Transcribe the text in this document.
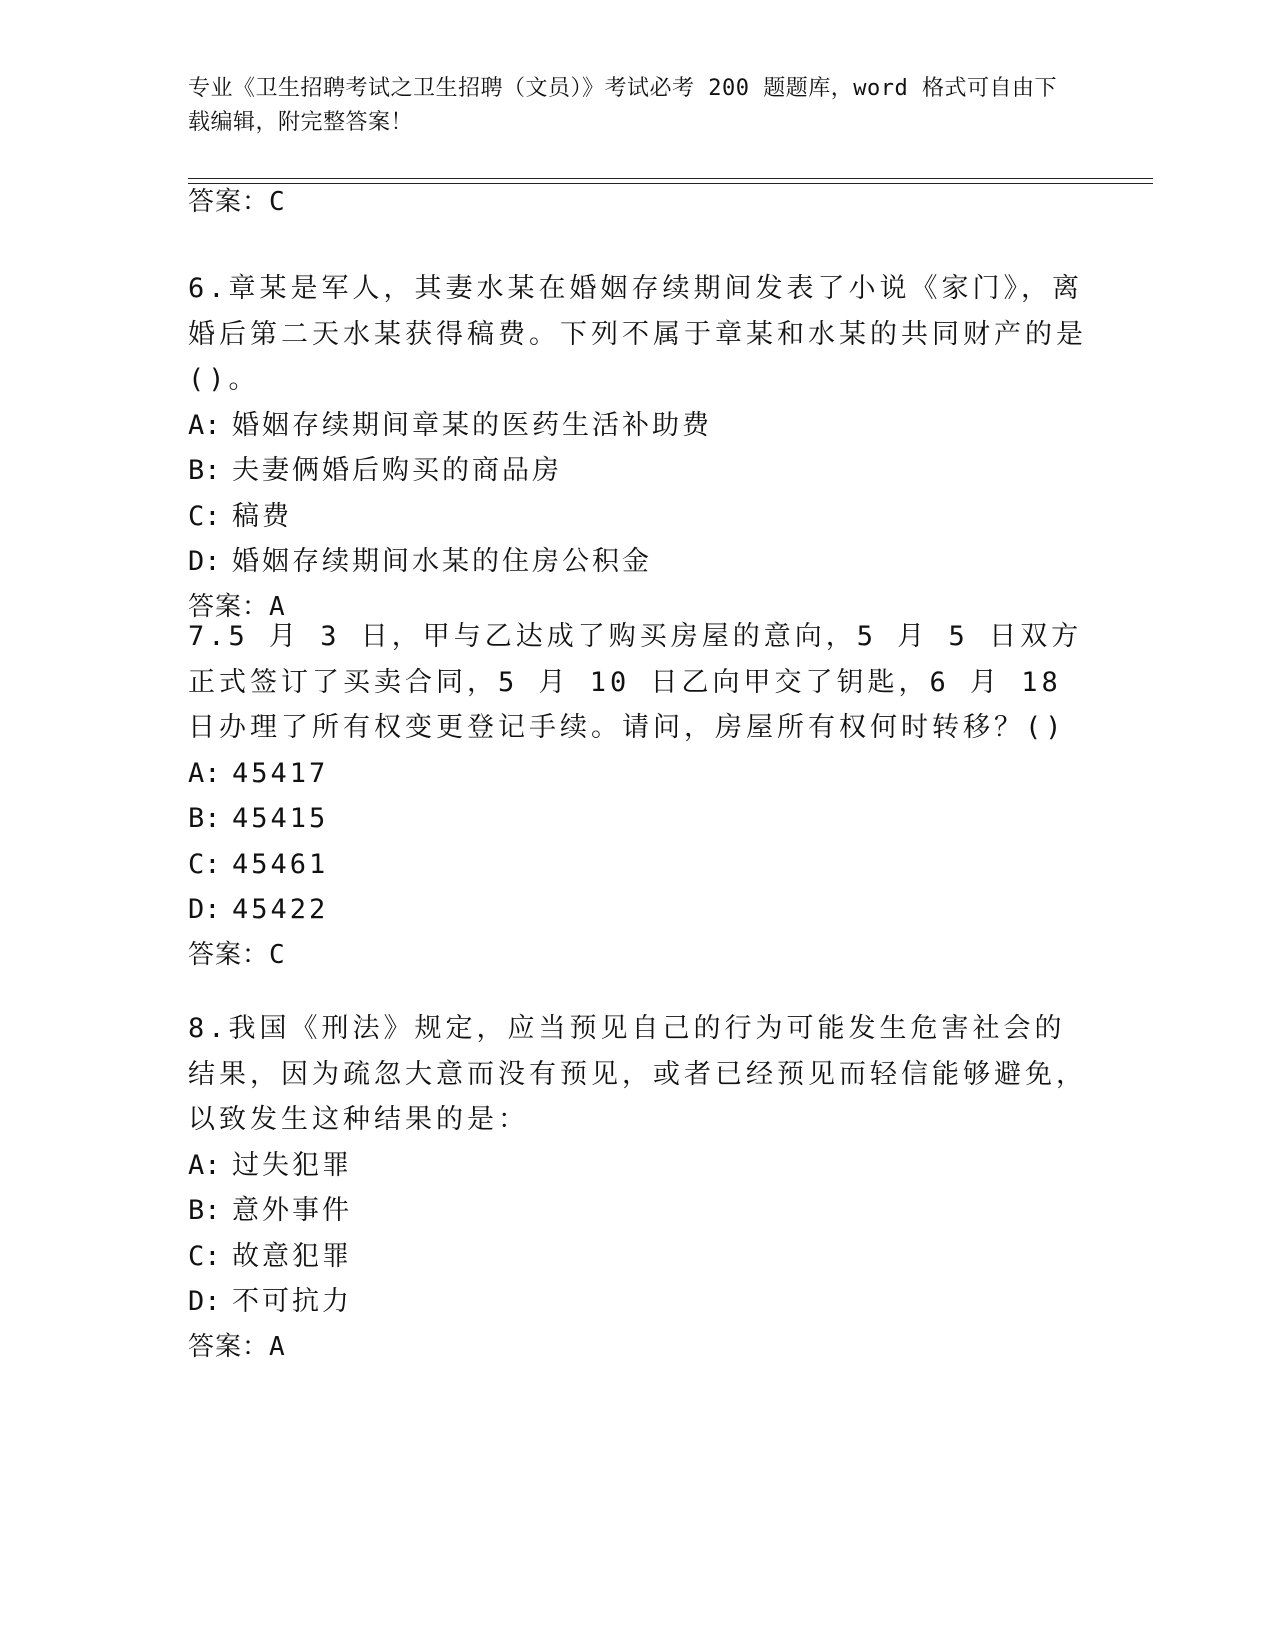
专业《卫生招聘考试之卫生招聘（文员）》考试必考 200 题题库，word 格式可自由下载编辑，附完整答案！
答案：C
6.章某是军人，其妻水某在婚姻存续期间发表了小说《家门》，离婚后第二天水某获得稿费。下列不属于章某和水某的共同财产的是()。
A: 婚姻存续期间章某的医药生活补助费
B: 夫妻俩婚后购买的商品房
C: 稿费
D: 婚姻存续期间水某的住房公积金
答案：A
7.5 月 3 日，甲与乙达成了购买房屋的意向，5 月 5 日双方正式签订了买卖合同，5 月 10 日乙向甲交了钥匙，6 月 18 日办理了所有权变更登记手续。请问，房屋所有权何时转移？()
A: 45417
B: 45415
C: 45461
D: 45422
答案：C
8.我国《刑法》规定，应当预见自己的行为可能发生危害社会的结果，因为疏忽大意而没有预见，或者已经预见而轻信能够避免，以致发生这种结果的是：
A: 过失犯罪
B: 意外事件
C: 故意犯罪
D: 不可抗力
答案：A
